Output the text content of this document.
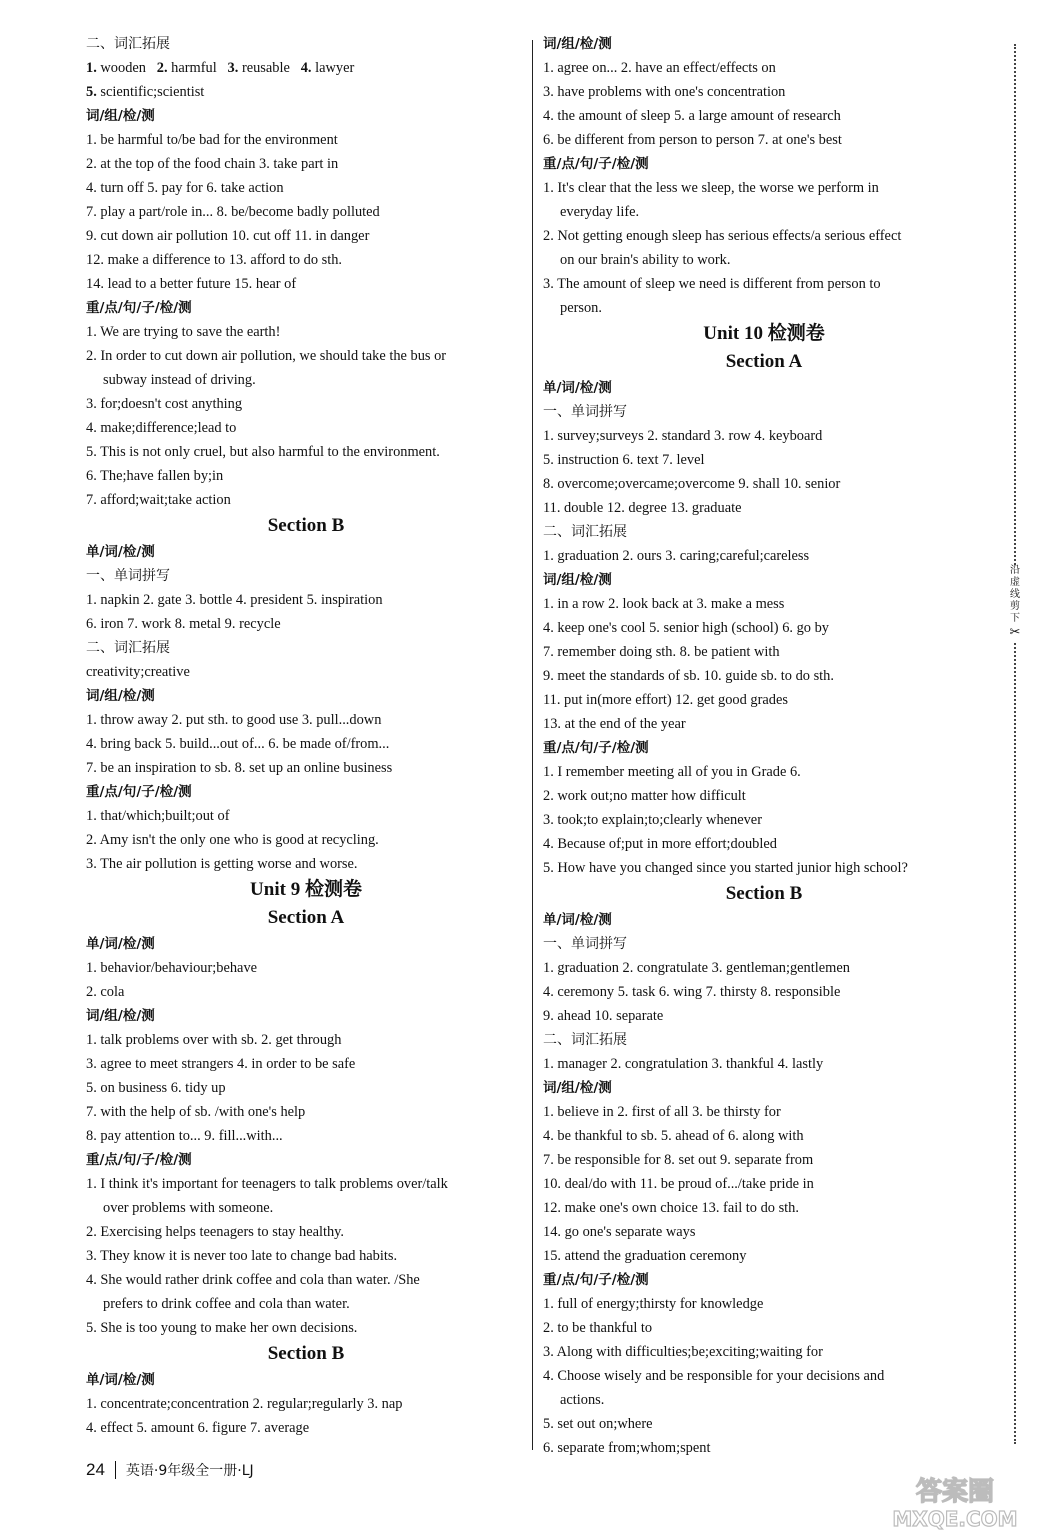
二、词汇拓展
1. wooden 2. harmful 3. reusable 4. lawyer
5. scientific;scientist
词/组/检/测
1. be harmful to/be bad for the environment
2. at the top of the food chain 3. take part in
4. turn off 5. pay for 6. take action
7. play a part/role in... 8. be/become badly polluted
9. cut down air pollution 10. cut off 11. in danger
12. make a difference to 13. afford to do sth.
14. lead to a better future 15. hear of
重/点/句/子/检/测
1. We are trying to save the earth!
2. In order to cut down air pollution, we should take the bus or
subway instead of driving.
3. for;doesn't cost anything
4. make;difference;lead to
5. This is not only cruel, but also harmful to the environment.
6. The;have fallen by;in
7. afford;wait;take action
Section B
单/词/检/测
一、单词拼写
1. napkin 2. gate 3. bottle 4. president 5. inspiration
6. iron 7. work 8. metal 9. recycle
二、词汇拓展
creativity;creative
词/组/检/测
1. throw away 2. put sth. to good use 3. pull...down
4. bring back 5. build...out of... 6. be made of/from...
7. be an inspiration to sb. 8. set up an online business
重/点/句/子/检/测
1. that/which;built;out of
2. Amy isn't the only one who is good at recycling.
3. The air pollution is getting worse and worse.
Unit 9 检测卷
Section A
单/词/检/测
1. behavior/behaviour;behave
2. cola
词/组/检/测
1. talk problems over with sb. 2. get through
3. agree to meet strangers 4. in order to be safe
5. on business 6. tidy up
7. with the help of sb. /with one's help
8. pay attention to... 9. fill...with...
重/点/句/子/检/测
1. I think it's important for teenagers to talk problems over/talk
over problems with someone.
2. Exercising helps teenagers to stay healthy.
3. They know it is never too late to change bad habits.
4. She would rather drink coffee and cola than water. /She
prefers to drink coffee and cola than water.
5. She is too young to make her own decisions.
Section B
单/词/检/测
1. concentrate;concentration 2. regular;regularly 3. nap
4. effect 5. amount 6. figure 7. average
词/组/检/测
1. agree on... 2. have an effect/effects on
3. have problems with one's concentration
4. the amount of sleep 5. a large amount of research
6. be different from person to person 7. at one's best
重/点/句/子/检/测
1. It's clear that the less we sleep, the worse we perform in
everyday life.
2. Not getting enough sleep has serious effects/a serious effect
on our brain's ability to work.
3. The amount of sleep we need is different from person to
person.
Unit 10 检测卷
Section A
单/词/检/测
一、单词拼写
1. survey;surveys 2. standard 3. row 4. keyboard
5. instruction 6. text 7. level
8. overcome;overcame;overcome 9. shall 10. senior
11. double 12. degree 13. graduate
二、词汇拓展
1. graduation 2. ours 3. caring;careful;careless
词/组/检/测
1. in a row 2. look back at 3. make a mess
4. keep one's cool 5. senior high (school) 6. go by
7. remember doing sth. 8. be patient with
9. meet the standards of sb. 10. guide sb. to do sth.
11. put in(more effort) 12. get good grades
13. at the end of the year
重/点/句/子/检/测
1. I remember meeting all of you in Grade 6.
2. work out;no matter how difficult
3. took;to explain;to;clearly whenever
4. Because of;put in more effort;doubled
5. How have you changed since you started junior high school?
Section B
单/词/检/测
一、单词拼写
1. graduation 2. congratulate 3. gentleman;gentlemen
4. ceremony 5. task 6. wing 7. thirsty 8. responsible
9. ahead 10. separate
二、词汇拓展
1. manager 2. congratulation 3. thankful 4. lastly
词/组/检/测
1. believe in 2. first of all 3. be thirsty for
4. be thankful to sb. 5. ahead of 6. along with
7. be responsible for 8. set out 9. separate from
10. deal/do with 11. be proud of.../take pride in
12. make one's own choice 13. fail to do sth.
14. go one's separate ways
15. attend the graduation ceremony
重/点/句/子/检/测
1. full of energy;thirsty for knowledge
2. to be thankful to
3. Along with difficulties;be;exciting;waiting for
4. Choose wisely and be responsible for your decisions and
actions.
5. set out on;where
6. separate from;whom;spent
沿
虚
线
剪
下
✂
24 英语·9年级全一册·LJ
答案圈
MXQE.COM
